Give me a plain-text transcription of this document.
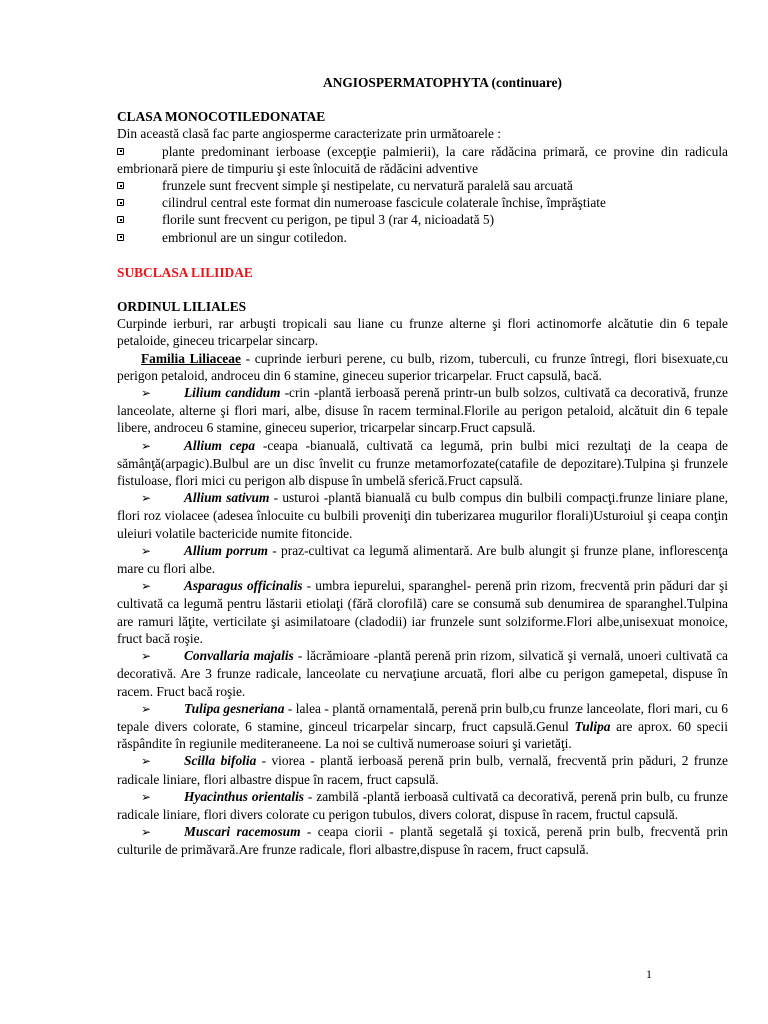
ANGIOSPERMATOPHYTA (continuare)

CLASA MONOCOTILEDONATAE

Din această clasă fac parte angiosperme caracterizate prin următoarele :

plante predominant ierboase (excepţie palmierii), la care rădăcina primară, ce provine din radicula embrionară piere de timpuriu şi este înlocuită de rădăcini adventive
frunzele sunt frecvent simple şi nestipelate, cu nervatură paralelă sau arcuată
cilindrul central este format din numeroase fascicule colaterale închise, împrăştiate
florile sunt frecvent cu perigon, pe tipul 3 (rar 4, nicioadată 5)
embrionul are un singur cotiledon.

SUBCLASA LILIIDAE

ORDINUL LILIALES

Curpinde ierburi, rar arbuşti tropicali sau liane cu frunze alterne şi flori actinomorfe alcătutie din 6 tepale petaloide, gineceu tricarpelar sincarp.

Familia Liliaceae - cuprinde ierburi perene, cu bulb, rizom, tuberculi, cu frunze întregi, flori bisexuate,cu perigon petaloid, androceu din 6 stamine, gineceu superior tricarpelar. Fruct capsulă, bacă.

➢ Lilium candidum -crin -plantă ierboasă perenă printr-un bulb solzos, cultivată ca decorativă, frunze lanceolate, alterne şi flori mari, albe, disuse în racem terminal.Florile au perigon petaloid, alcătuit din 6 tepale libere, androceu 6 stamine, gineceu superior, tricarpelar sincarp.Fruct capsulă.

➢ Allium cepa -ceapa -bianuală, cultivată ca legumă, prin bulbi mici rezultaţi de la ceapa de sămânţă(arpagic).Bulbul are un disc învelit cu frunze metamorfozate(catafile de depozitare).Tulpina şi frunzele fistuloase, flori mici cu perigon alb dispuse în umbelă sferică.Fruct capsulă.

➢ Allium sativum - usturoi -plantă bianuală cu bulb compus din bulbili compacţi.frunze liniare plane, flori roz violacee (adesea înlocuite cu bulbili proveniţi din tuberizarea mugurilor florali)Usturoiul şi ceapa conţin uleiuri volatile bactericide numite fitoncide.

➢ Allium porrum - praz-cultivat ca legumă alimentară. Are bulb alungit şi frunze plane, inflorescenţa mare cu flori albe.

➢ Asparagus officinalis - umbra iepurelui, sparanghel- perenă prin rizom, frecventă prin păduri dar şi cultivată ca legumă pentru lăstarii etiolaţi (fără clorofilă) care se consumă sub denumirea de sparanghel.Tulpina are ramuri lăţite, verticilate şi asimilatoare (cladodii) iar frunzele sunt solziforme.Flori albe,unisexuat monoice, fruct bacă roşie.

➢ Convallaria majalis - lăcrămioare -plantă perenă prin rizom, silvatică şi vernală, unoeri cultivată ca decorativă. Are 3 frunze radicale, lanceolate cu nervaţiune arcuată, flori albe cu perigon gamepetal, dispuse în racem. Fruct bacă roşie.

➢ Tulipa gesneriana - lalea - plantă ornamentală, perenă prin bulb,cu frunze lanceolate, flori mari, cu 6 tepale divers colorate, 6 stamine, ginceul tricarpelar sincarp, fruct capsulă.Genul Tulipa are aprox. 60 specii răspândite în regiunile mediteraneene. La noi se cultivă numeroase soiuri şi varietăţi.

➢ Scilla bifolia - viorea - plantă ierboasă perenă prin bulb, vernală, frecventă prin păduri, 2 frunze radicale liniare, flori albastre dispue în racem, fruct capsulă.

➢ Hyacinthus orientalis - zambilă -plantă ierboasă cultivată ca decorativă, perenă prin bulb, cu frunze radicale liniare, flori divers colorate cu perigon tubulos, divers colorat, dispuse în racem, fructul capsulă.

➢ Muscari racemosum - ceapa ciorii - plantă segetală şi toxică, perenă prin bulb, frecventă prin culturile de primăvară.Are frunze radicale, flori albastre,dispuse în racem, fruct capsulă.

1
